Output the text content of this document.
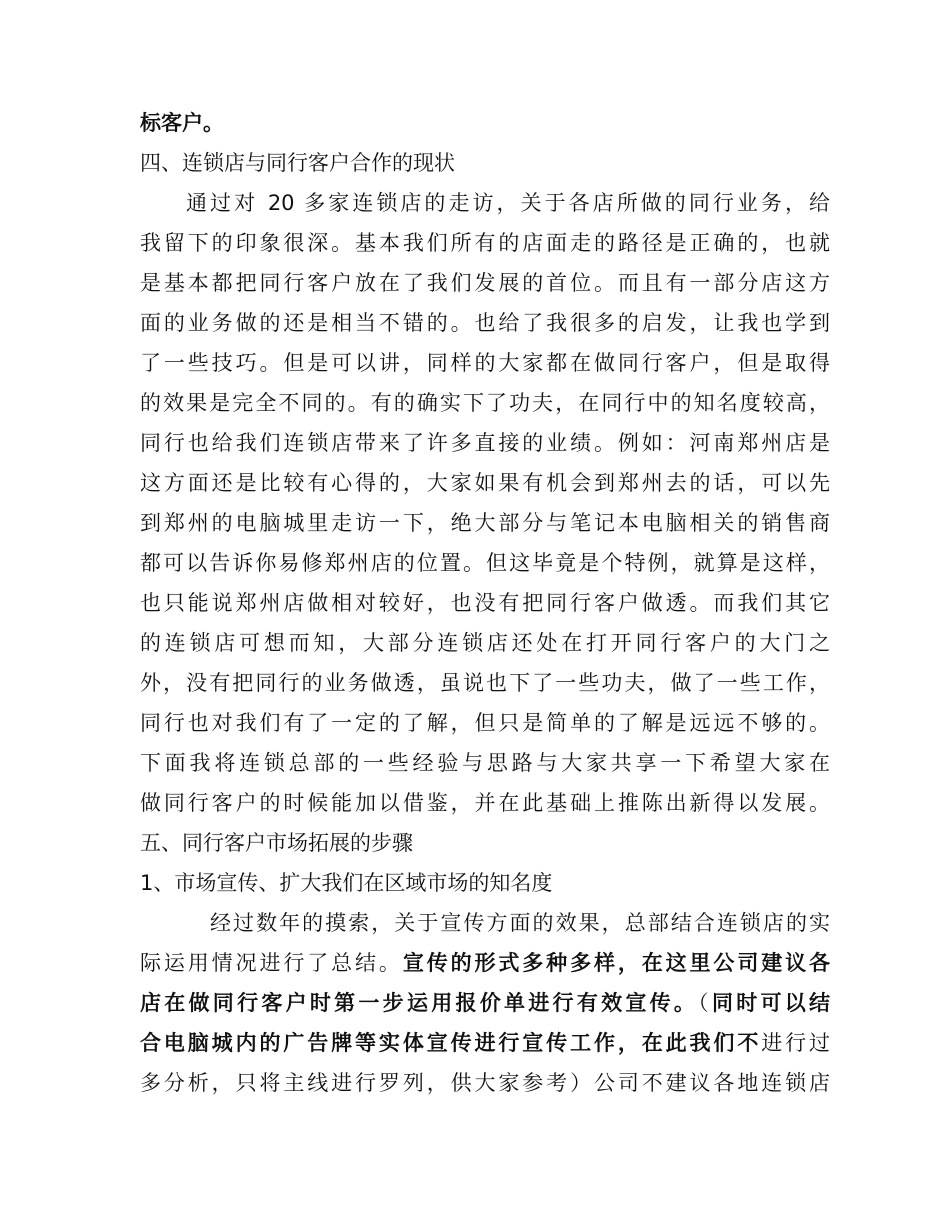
标客户。
四、连锁店与同行客户合作的现状
通过对 20 多家连锁店的走访，关于各店所做的同行业务，给
我留下的印象很深。基本我们所有的店面走的路径是正确的，也就
是基本都把同行客户放在了我们发展的首位。而且有一部分店这方
面的业务做的还是相当不错的。也给了我很多的启发，让我也学到
了一些技巧。但是可以讲，同样的大家都在做同行客户，但是取得
的效果是完全不同的。有的确实下了功夫，在同行中的知名度较高，
同行也给我们连锁店带来了许多直接的业绩。例如：河南郑州店是
这方面还是比较有心得的，大家如果有机会到郑州去的话，可以先
到郑州的电脑城里走访一下，绝大部分与笔记本电脑相关的销售商
都可以告诉你易修郑州店的位置。但这毕竟是个特例，就算是这样，
也只能说郑州店做相对较好，也没有把同行客户做透。而我们其它
的连锁店可想而知，大部分连锁店还处在打开同行客户的大门之
外，没有把同行的业务做透，虽说也下了一些功夫，做了一些工作，
同行也对我们有了一定的了解，但只是简单的了解是远远不够的。
下面我将连锁总部的一些经验与思路与大家共享一下希望大家在
做同行客户的时候能加以借鉴，并在此基础上推陈出新得以发展。
五、同行客户市场拓展的步骤
1、市场宣传、扩大我们在区域市场的知名度
经过数年的摸索，关于宣传方面的效果，总部结合连锁店的实
际运用情况进行了总结。宣传的形式多种多样，在这里公司建议各
店在做同行客户时第一步运用报价单进行有效宣传。（同时可以结
合电脑城内的广告牌等实体宣传进行宣传工作，在此我们不进行过
多分析，只将主线进行罗列，供大家参考）公司不建议各地连锁店
